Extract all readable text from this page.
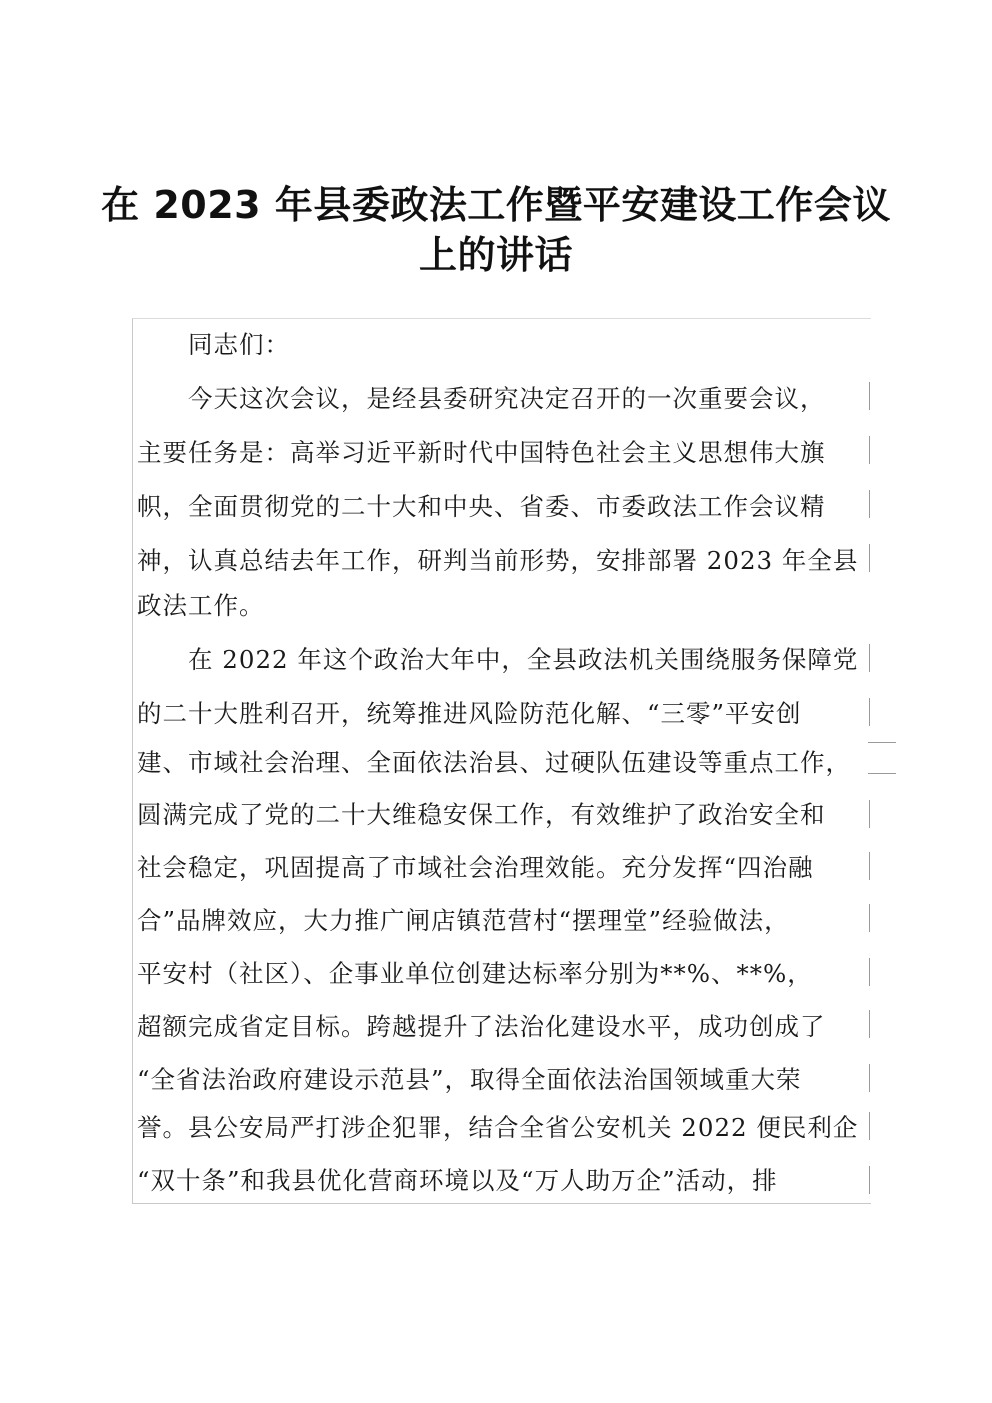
在 2023 年县委政法工作暨平安建设工作会议
上的讲话
同志们：
今天这次会议，是经县委研究决定召开的一次重要会议，
主要任务是：高举习近平新时代中国特色社会主义思想伟大旗
帜，全面贯彻党的二十大和中央、省委、市委政法工作会议精
神，认真总结去年工作，研判当前形势，安排部署 2023 年全县
政法工作。
在 2022 年这个政治大年中，全县政法机关围绕服务保障党
的二十大胜利召开，统筹推进风险防范化解、“三零”平安创
建、市域社会治理、全面依法治县、过硬队伍建设等重点工作，
圆满完成了党的二十大维稳安保工作，有效维护了政治安全和
社会稳定，巩固提高了市域社会治理效能。充分发挥“四治融
合”品牌效应，大力推广闸店镇范营村“摆理堂”经验做法，
平安村（社区）、企事业单位创建达标率分别为**%、**%，
超额完成省定目标。跨越提升了法治化建设水平，成功创成了
“全省法治政府建设示范县”，取得全面依法治国领域重大荣
誉。县公安局严打涉企犯罪，结合全省公安机关 2022 便民利企
“双十条”和我县优化营商环境以及“万人助万企”活动，排
